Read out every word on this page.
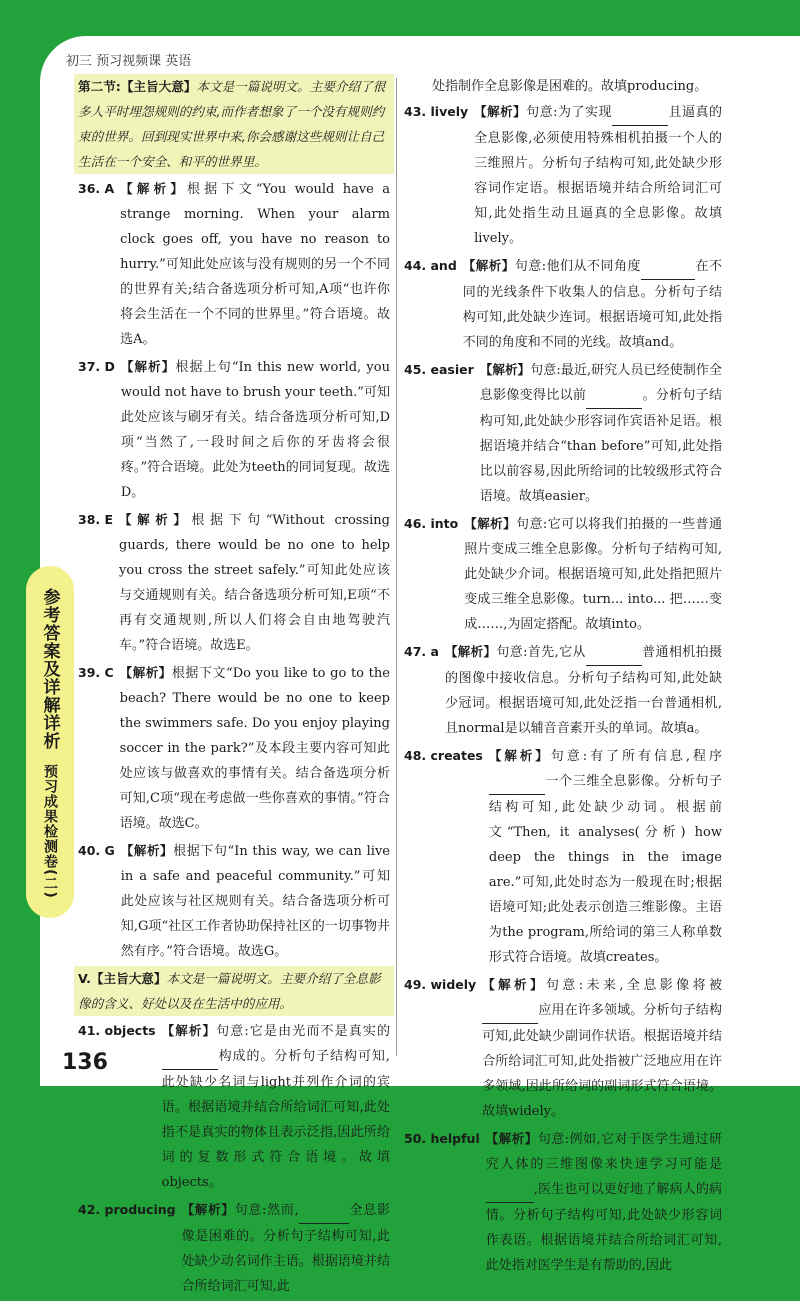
初三 预习视频课 英语
第二节:【主旨大意】本文是一篇说明文。主要介绍了很多人平时埋怨规则的约束,而作者想象了一个没有规则约束的世界。回到现实世界中来,你会感谢这些规则让自己生活在一个安全、和平的世界里。
36. A 【解析】根据下文“You would have a strange morning. When your alarm clock goes off, you have no reason to hurry.”可知此处应该与没有规则的另一个不同的世界有关;结合备选项分析可知,A项“也许你将会生活在一个不同的世界里。”符合语境。故选A。
37. D 【解析】根据上句“In this new world, you would not have to brush your teeth.”可知此处应该与刷牙有关。结合备选项分析可知,D项“当然了,一段时间之后你的牙齿将会很疼。”符合语境。此处为teeth的同词复现。故选D。
38. E 【解析】根据下句“Without crossing guards, there would be no one to help you cross the street safely.”可知此处应该与交通规则有关。结合备选项分析可知,E项“不再有交通规则,所以人们将会自由地驾驶汽车。”符合语境。故选E。
39. C 【解析】根据下文“Do you like to go to the beach? There would be no one to keep the swimmers safe. Do you enjoy playing soccer in the park?”及本段主要内容可知此处应该与做喜欢的事情有关。结合备选项分析可知,C项“现在考虑做一些你喜欢的事情。”符合语境。故选C。
40. G 【解析】根据下句“In this way, we can live in a safe and peaceful community.”可知此处应该与社区规则有关。结合备选项分析可知,G项“社区工作者协助保持社区的一切事物井然有序。”符合语境。故选G。
V.【主旨大意】本文是一篇说明文。主要介绍了全息影像的含义、好处以及在生活中的应用。
41. objects 【解析】句意:它是由光而不是真实的 构成的。分析句子结构可知,此处缺少名词与light并列作介词的宾语。根据语境并结合所给词汇可知,此处指不是真实的物体且表示泛指,因此所给词的复数形式符合语境。故填objects。
42. producing 【解析】句意:然而,	全息影像是困难的。分析句子结构可知,此处缺少动名词作主语。根据语境并结合所给词汇可知,此
处指制作全息影像是困难的。故填producing。
43. lively 【解析】句意:为了实现	且逼真的全息影像,必须使用特殊相机拍摄一个人的三维照片。分析句子结构可知,此处缺少形容词作定语。根据语境并结合所给词汇可知,此处指生动且逼真的全息影像。故填lively。
44. and 【解析】句意:他们从不同角度	在不同的光线条件下收集人的信息。分析句子结构可知,此处缺少连词。根据语境可知,此处指不同的角度和不同的光线。故填and。
45. easier 【解析】句意:最近,研究人员已经使制作全息影像变得比以前	。分析句子结构可知,此处缺少形容词作宾语补足语。根据语境并结合“than before”可知,此处指比以前容易,因此所给词的比较级形式符合语境。故填easier。
46. into 【解析】句意:它可以将我们拍摄的一些普通照片变成三维全息影像。分析句子结构可知,此处缺少介词。根据语境可知,此处指把照片变成三维全息影像。turn... into... 把……变成……,为固定搭配。故填into。
47. a 【解析】句意:首先,它从	普通相机拍摄的图像中接收信息。分析句子结构可知,此处缺少冠词。根据语境可知,此处泛指一台普通相机,且normal是以辅音音素开头的单词。故填a。
48. creates 【解析】句意:有了所有信息,程序 一个三维全息影像。分析句子结构可知,此处缺少动词。根据前文“Then, it analyses(分析) how deep the things in the image are.”可知,此处时态为一般现在时;根据语境可知;此处表示创造三维影像。主语为the program,所给词的第三人称单数形式符合语境。故填creates。
49. widely 【解析】句意:未来,全息影像将被 应用在许多领域。分析句子结构可知,此处缺少副词作状语。根据语境并结合所给词汇可知,此处指被广泛地应用在许多领域,因此所给词的副词形式符合语境。故填widely。
50. helpful 【解析】句意:例如,它对于医学生通过研究人体的三维图像来快速学习可能是 ,医生也可以更好地了解病人的病情。分析句子结构可知,此处缺少形容词作表语。根据语境并结合所给词汇可知,此处指对医学生是有帮助的,因此
参考答案及详解详析
预习成果检测卷(二)
136
